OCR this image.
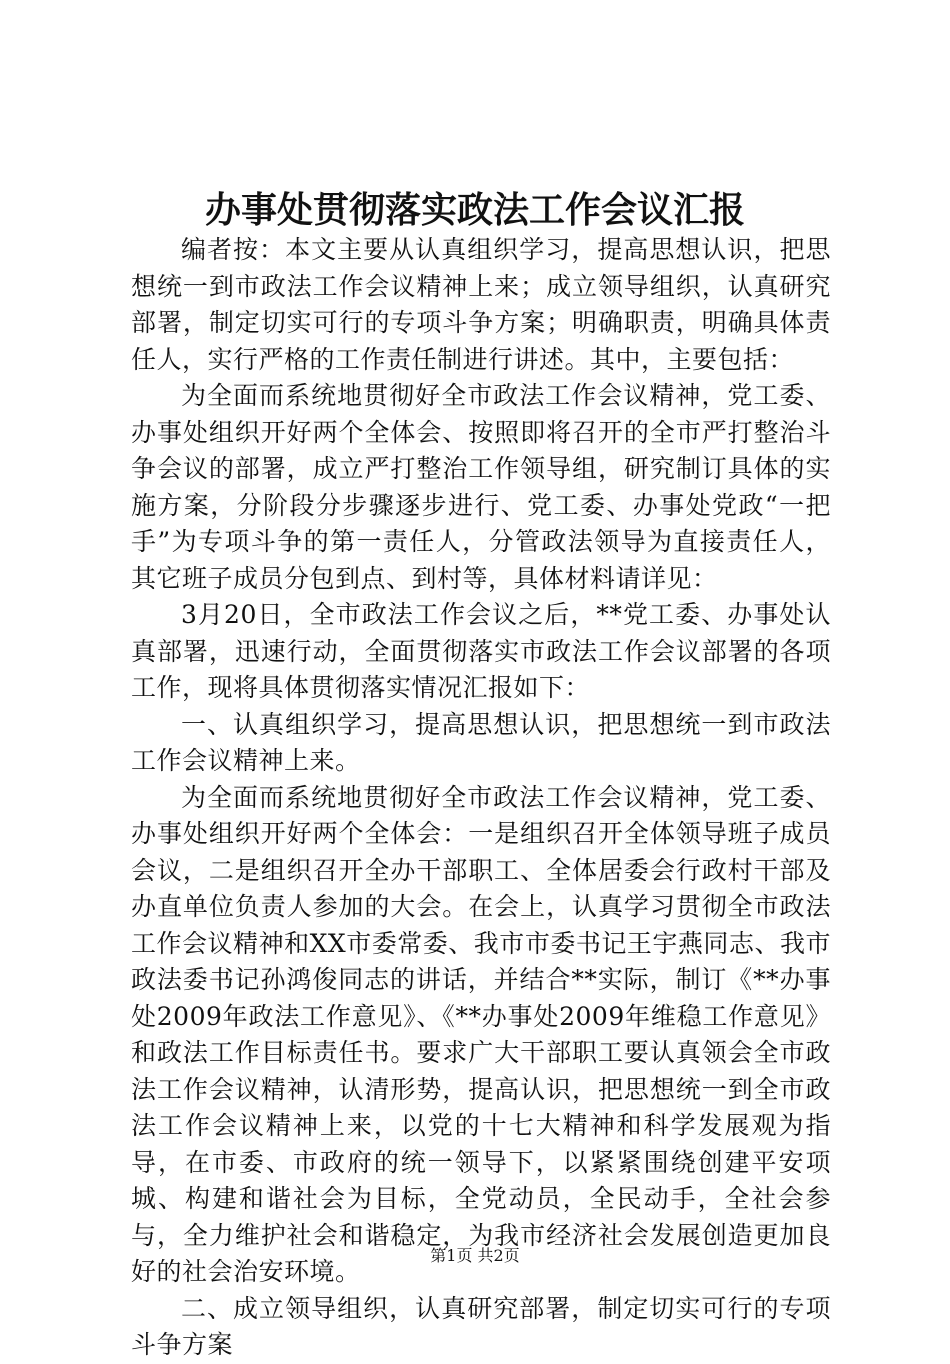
办事处贯彻落实政法工作会议汇报

编者按：本文主要从认真组织学习，提高思想认识，把思想统一到市政法工作会议精神上来；成立领导组织，认真研究部署，制定切实可行的专项斗争方案；明确职责，明确具体责任人，实行严格的工作责任制进行讲述。其中，主要包括：

为全面而系统地贯彻好全市政法工作会议精神，党工委、办事处组织开好两个全体会、按照即将召开的全市严打整治斗争会议的部署，成立严打整治工作领导组，研究制订具体的实施方案，分阶段分步骤逐步进行、党工委、办事处党政“一把手”为专项斗争的第一责任人，分管政法领导为直接责任人，其它班子成员分包到点、到村等，具体材料请详见：

3月20日，全市政法工作会议之后，**党工委、办事处认真部署，迅速行动，全面贯彻落实市政法工作会议部署的各项工作，现将具体贯彻落实情况汇报如下：

一、认真组织学习，提高思想认识，把思想统一到市政法工作会议精神上来。

为全面而系统地贯彻好全市政法工作会议精神，党工委、办事处组织开好两个全体会：一是组织召开全体领导班子成员会议，二是组织召开全办干部职工、全体居委会行政村干部及办直单位负责人参加的大会。在会上，认真学习贯彻全市政法工作会议精神和XX市委常委、我市市委书记王宇燕同志、我市政法委书记孙鸿俊同志的讲话，并结合**实际，制订《**办事处2009年政法工作意见》、《**办事处2009年维稳工作意见》和政法工作目标责任书。要求广大干部职工要认真领会全市政法工作会议精神，认清形势，提高认识，把思想统一到全市政法工作会议精神上来，以党的十七大精神和科学发展观为指导，在市委、市政府的统一领导下，以紧紧围绕创建平安项城、构建和谐社会为目标，全党动员，全民动手，全社会参与，全力维护社会和谐稳定，为我市经济社会发展创造更加良好的社会治安环境。

二、成立领导组织，认真研究部署，制定切实可行的专项斗争方案

第1页 共2页
